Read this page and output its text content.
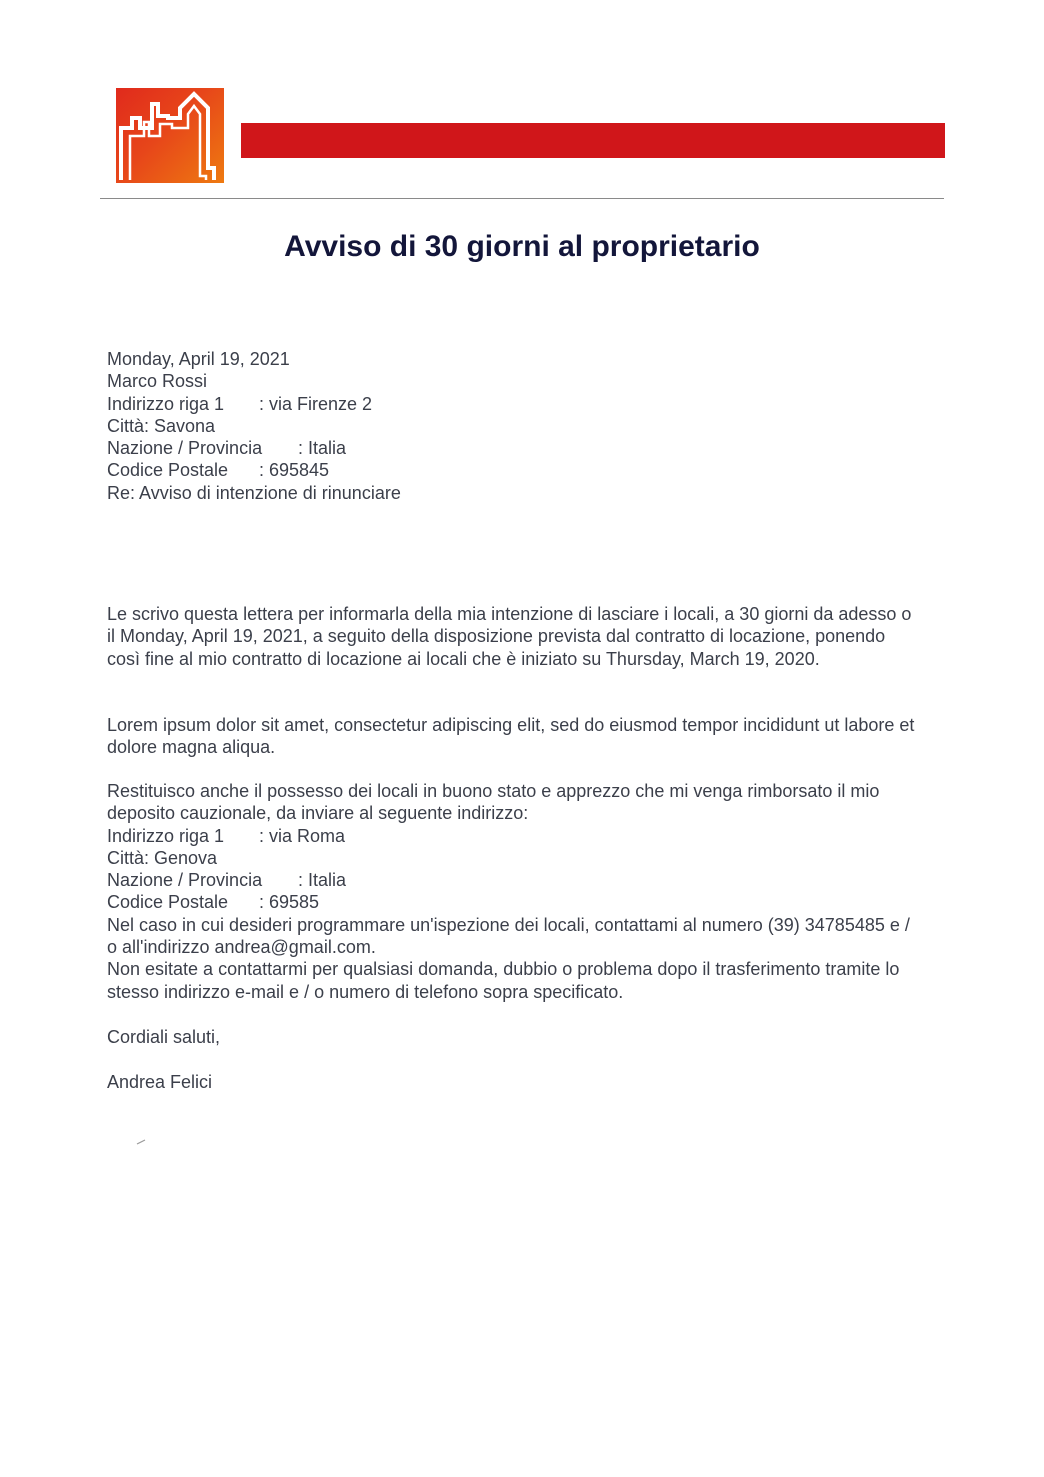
Avviso di 30 giorni al proprietario
Monday, April 19, 2021
Marco Rossi
Indirizzo riga 1 : via Firenze 2
Città: Savona
Nazione / Provincia : Italia
Codice Postale : 695845
Re: Avviso di intenzione di rinunciare

Le scrivo questa lettera per informarla della mia intenzione di lasciare i locali, a 30 giorni da adesso o il Monday, April 19, 2021, a seguito della disposizione prevista dal contratto di locazione, ponendo così fine al mio contratto di locazione ai locali che è iniziato su Thursday, March 19, 2020.

Lorem ipsum dolor sit amet, consectetur adipiscing elit, sed do eiusmod tempor incididunt ut labore et dolore magna aliqua.

Restituisco anche il possesso dei locali in buono stato e apprezzo che mi venga rimborsato il mio deposito cauzionale, da inviare al seguente indirizzo:
Indirizzo riga 1 : via Roma
Città: Genova
Nazione / Provincia : Italia
Codice Postale : 69585
Nel caso in cui desideri programmare un'ispezione dei locali, contattami al numero (39) 34785485 e / o all'indirizzo andrea@gmail.com.
Non esitate a contattarmi per qualsiasi domanda, dubbio o problema dopo il trasferimento tramite lo stesso indirizzo e-mail e / o numero di telefono sopra specificato.

Cordiali saluti,

Andrea Felici
